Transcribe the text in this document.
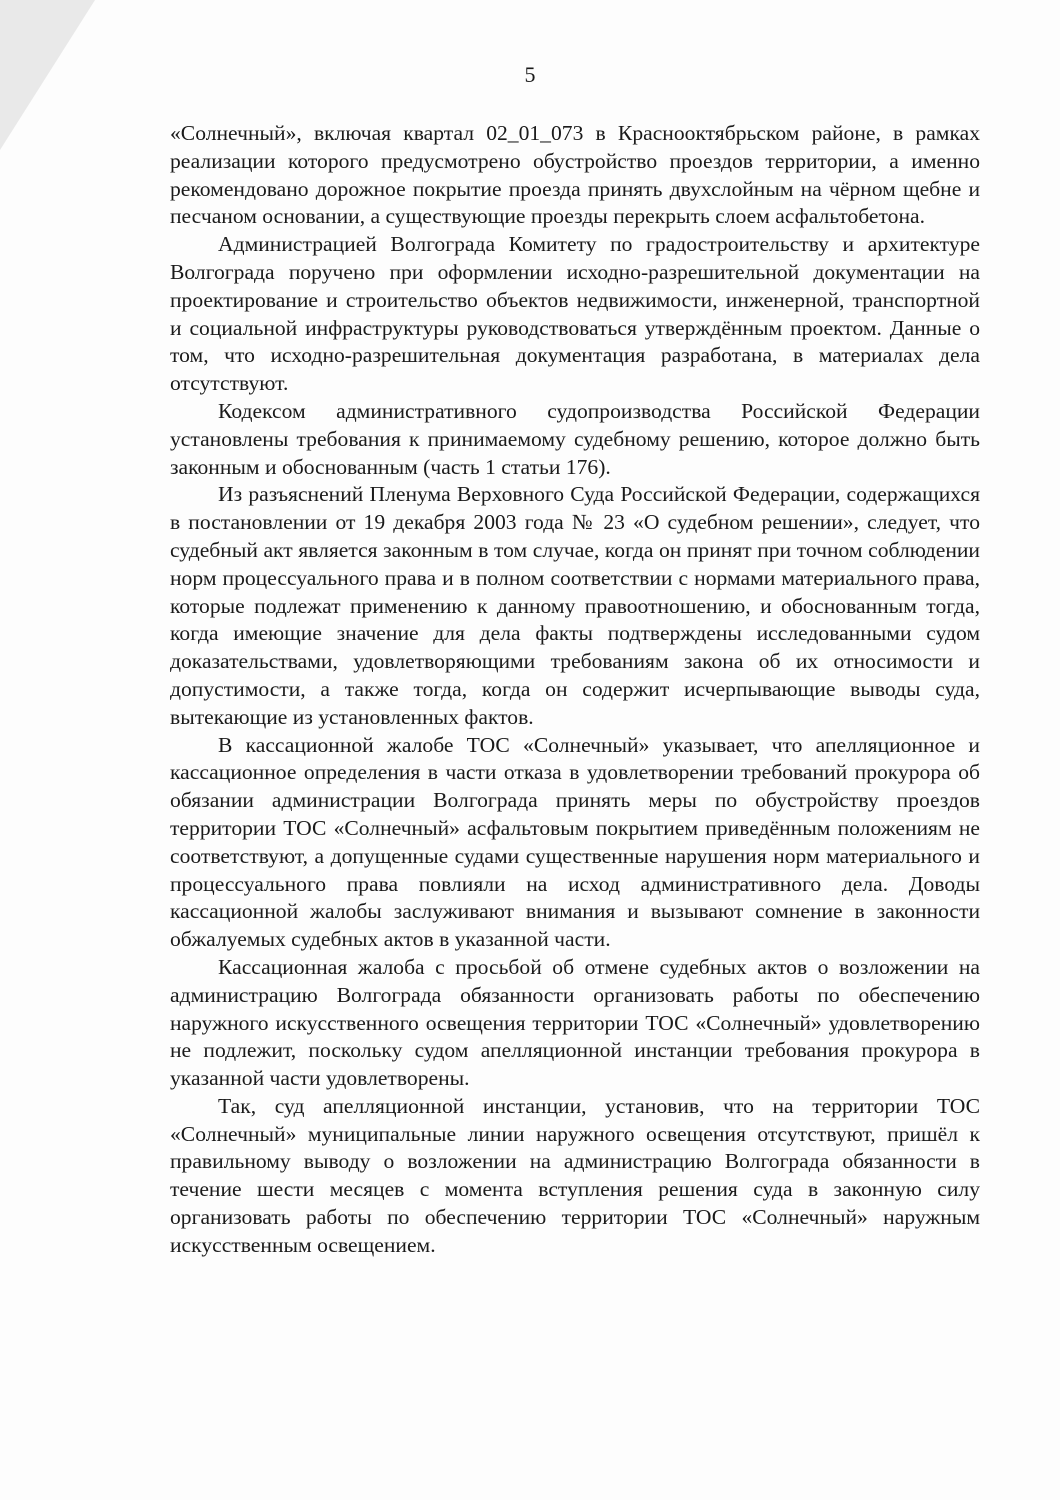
5

«Солнечный», включая квартал 02_01_073 в Краснооктябрьском районе, в рамках реализации которого предусмотрено обустройство проездов территории, а именно рекомендовано дорожное покрытие проезда принять двухслойным на чёрном щебне и песчаном основании, а существующие проезды перекрыть слоем асфальтобетона.

Администрацией Волгограда Комитету по градостроительству и архитектуре Волгограда поручено при оформлении исходно-разрешительной документации на проектирование и строительство объектов недвижимости, инженерной, транспортной и социальной инфраструктуры руководствоваться утверждённым проектом. Данные о том, что исходно-разрешительная документация разработана, в материалах дела отсутствуют.

Кодексом административного судопроизводства Российской Федерации установлены требования к принимаемому судебному решению, которое должно быть законным и обоснованным (часть 1 статьи 176).

Из разъяснений Пленума Верховного Суда Российской Федерации, содержащихся в постановлении от 19 декабря 2003 года № 23 «О судебном решении», следует, что судебный акт является законным в том случае, когда он принят при точном соблюдении норм процессуального права и в полном соответствии с нормами материального права, которые подлежат применению к данному правоотношению, и обоснованным тогда, когда имеющие значение для дела факты подтверждены исследованными судом доказательствами, удовлетворяющими требованиям закона об их относимости и допустимости, а также тогда, когда он содержит исчерпывающие выводы суда, вытекающие из установленных фактов.

В кассационной жалобе ТОС «Солнечный» указывает, что апелляционное и кассационное определения в части отказа в удовлетворении требований прокурора об обязании администрации Волгограда принять меры по обустройству проездов территории ТОС «Солнечный» асфальтовым покрытием приведённым положениям не соответствуют, а допущенные судами существенные нарушения норм материального и процессуального права повлияли на исход административного дела. Доводы кассационной жалобы заслуживают внимания и вызывают сомнение в законности обжалуемых судебных актов в указанной части.

Кассационная жалоба с просьбой об отмене судебных актов о возложении на администрацию Волгограда обязанности организовать работы по обеспечению наружного искусственного освещения территории ТОС «Солнечный» удовлетворению не подлежит, поскольку судом апелляционной инстанции требования прокурора в указанной части удовлетворены.

Так, суд апелляционной инстанции, установив, что на территории ТОС «Солнечный» муниципальные линии наружного освещения отсутствуют, пришёл к правильному выводу о возложении на администрацию Волгограда обязанности в течение шести месяцев с момента вступления решения суда в законную силу организовать работы по обеспечению территории ТОС «Солнечный» наружным искусственным освещением.
